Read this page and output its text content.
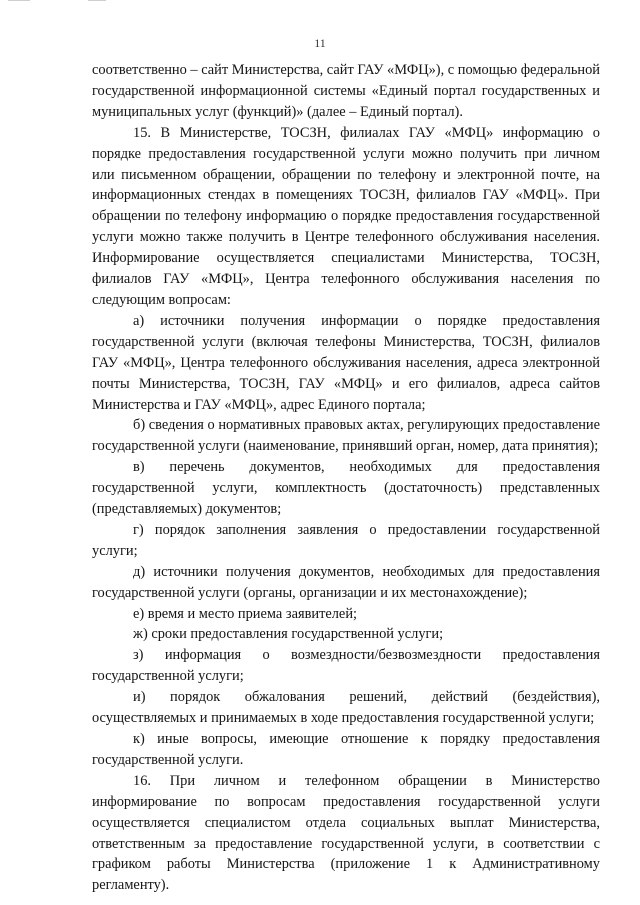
11

соответственно – сайт Министерства, сайт ГАУ «МФЦ»), с помощью федеральной государственной информационной системы «Единый портал государственных и муниципальных услуг (функций)» (далее – Единый портал).

15. В Министерстве, ТОСЗН, филиалах ГАУ «МФЦ» информацию о порядке предоставления государственной услуги можно получить при личном или письменном обращении, обращении по телефону и электронной почте, на информационных стендах в помещениях ТОСЗН, филиалов ГАУ «МФЦ». При обращении по телефону информацию о порядке предоставления государственной услуги можно также получить в Центре телефонного обслуживания населения. Информирование осуществляется специалистами Министерства, ТОСЗН, филиалов ГАУ «МФЦ», Центра телефонного обслуживания населения по следующим вопросам:

а) источники получения информации о порядке предоставления государственной услуги (включая телефоны Министерства, ТОСЗН, филиалов ГАУ «МФЦ», Центра телефонного обслуживания населения, адреса электронной почты Министерства, ТОСЗН, ГАУ «МФЦ» и его филиалов, адреса сайтов Министерства и ГАУ «МФЦ», адрес Единого портала;

б) сведения о нормативных правовых актах, регулирующих предоставление государственной услуги (наименование, принявший орган, номер, дата принятия);

в) перечень документов, необходимых для предоставления государственной услуги, комплектность (достаточность) представленных (представляемых) документов;

г) порядок заполнения заявления о предоставлении государственной услуги;

д) источники получения документов, необходимых для предоставления государственной услуги (органы, организации и их местонахождение);

е) время и место приема заявителей;

ж) сроки предоставления государственной услуги;

з) информация о возмездности/безвозмездности предоставления государственной услуги;

и) порядок обжалования решений, действий (бездействия), осуществляемых и принимаемых в ходе предоставления государственной услуги;

к) иные вопросы, имеющие отношение к порядку предоставления государственной услуги.

16. При личном и телефонном обращении в Министерство информирование по вопросам предоставления государственной услуги осуществляется специалистом отдела социальных выплат Министерства, ответственным за предоставление государственной услуги, в соответствии с графиком работы Министерства (приложение 1 к Административному регламенту).
